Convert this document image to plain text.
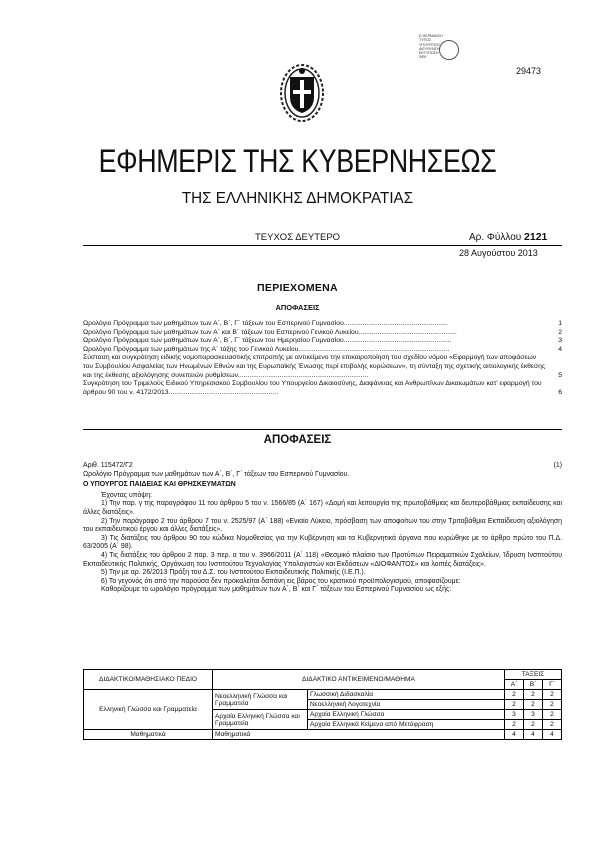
Ε.ΘΕΡΜΑΝΣΗ
ΤΥΠΟΣ
ΥΠΟΥΡΓΕΙΟ
ΔΙΕΥΘΥΝΣΗ
ΕΚΤΥΠΩΣΗ
ΦΕΚ
29473
ΕΦΗΜΕΡΙΣ ΤΗΣ ΚΥΒΕΡΝΗΣΕΩΣ
ΤΗΣ ΕΛΛΗΝΙΚΗΣ ΔΗΜΟΚΡΑΤΙΑΣ
ΤΕΥΧΟΣ ΔΕΥΤΕΡΟ	Αρ. Φύλλου 2121
28 Αυγούστου 2013
ΠΕΡΙΕΧΟΜΕΝΑ
ΑΠΟΦΑΣΕΙΣ
Ωρολόγιο Πρόγραμμα των μαθημάτων των Α΄, Β΄, Γ΄ τάξεων του Εσπερινού Γυμνασίου.......................................................	1
Ωρολόγιο Πρόγραμμα των μαθημάτων των Α΄ και Β΄ τάξεων του Εσπερινού Γενικού Λυκείου....................................................	2
Ωρολόγιο Πρόγραμμα των μαθημάτων των Α΄, Β΄, Γ΄ τάξεων του Ημερησίου Γυμνασίου.........................................................	3
Ωρολόγιο Πρόγραμμα των μαθημάτων της Α΄ τάξης του Γενικού Λυκείου................................................................................	4
Σύσταση και συγκρότηση ειδικής νομοπαρασκευαστικής επιτροπής με αντικείμενο την επικαιροποίηση του σχεδίου νόμου «Εφαρμογή των αποφάσεων του Συμβουλίου Ασφαλείας των Ηνωμένων Εθνών και της Ευρωπαϊκής Ένωσης περί επιβολής κυρώσεων», τη σύνταξη της σχετικής αιτιολογικής έκθεσης και της έκθεσης αξιολόγησης συνεπειών ρυθμίσεων.....................................................................	5
Συγκρότηση του Τριμελούς Ειδικού Υπηρεσιακού Συμβουλίου του Υπουργείου Δικαιοσύνης, Διαφάνειας και Ανθρωπίνων Δικαιωμάτων κατ' εφαρμογή του άρθρου 90 του ν. 4172/2013..........................................................	6
ΑΠΟΦΑΣΕΙΣ
Αριθ. 115472/Γ2	(1)

Ωρολόγιο Πρόγραμμα των μαθημάτων των Α΄, Β΄, Γ΄ τάξεων του Εσπερινού Γυμνασίου.

Ο ΥΠΟΥΡΓΟΣ ΠΑΙΔΕΙΑΣ ΚΑΙ ΘΡΗΣΚΕΥΜΑΤΩΝ

Έχοντας υπόψη:

1) Την παρ. γ της παραγράφου 11 του άρθρου 5 του ν. 1566/85 (Α΄ 167) «Δομή και λειτουργία της πρωτοβάθμιας και δευτεροβάθμιας εκπαίδευσης και άλλες διατάξεις».

2) Την παράγραφο 2 του άρθρου 7 του ν. 2525/97 (Α΄ 188) «Ενιαίο Λύκειο, πρόσβαση των αποφοίτων του στην Τριτοβάθμια Εκπαίδευση αξιολόγηση του εκπαιδευτικού έργου και άλλες διατάξεις».

3) Τις διατάξεις του άρθρου 90 του κώδικα Νομοθεσίας για την Κυβέρνηση και τα Κυβερνητικά όργανα που κυρώθηκε με το άρθρο πρώτο του Π.Δ. 63/2005 (Α΄ 98).

4) Τις διατάξεις του άρθρου 2 παρ. 3 περ. α του ν. 3966/2011 (Α΄ 118) «Θεσμικό πλαίσιο των Προτύπων Πειραματικών Σχολείων, Ίδρυση Ινστιτούτου Εκπαιδευτικής Πολιτικής, Οργάνωση του Ινστιτούτου Τεχνολογίας Υπολογιστών και Εκδόσεων «ΔΙΟΦΑΝΤΟΣ» και λοιπές διατάξεις».

5) Την με αρ. 26/2013 Πράξη του Δ.Σ. του Ινστιτούτου Εκπαιδευτικής Πολιτικής (Ι.Ε.Π.).

6) Το γεγονός ότι από την παρούσα δεν προκαλείται δαπάνη εις βάρος του κρατικού προϋπολογισμού, αποφασίζουμε:

Καθορίζουμε το ωρολόγιο πρόγραμμα των μαθημάτων των Α΄, Β΄ και Γ΄ τάξεων του Εσπερινού Γυμνασίου ως εξής:

ΔΙΔΑΚΤΙΚΟ/ΜΑΘΗΣΙΑΚΟ ΠΕΔΙΟ	ΔΙΔΑΚΤΙΚΟ ΑΝΤΙΚΕΙΜΕΝΟ/ΜΑΘΗΜΑ		ΤΑΞΕΙΣ		
			Α΄	Β΄	Γ΄
Ελληνική Γλώσσα και Γραμματεία	Νεοελληνική Γλώσσα και Γραμματεία	Γλωσσική Διδασκαλία	2	2	2
		Νεοελληνική Λογοτεχνία	2	2	2
	Αρχαία Ελληνική Γλώσσα και Γραμματεία	Αρχαία Ελληνική Γλώσσα	3	3	2
		Αρχαία Ελληνικά Κείμενα από Μετάφραση	2	2	2
Μαθηματικά	Μαθηματικά		4	4	4
